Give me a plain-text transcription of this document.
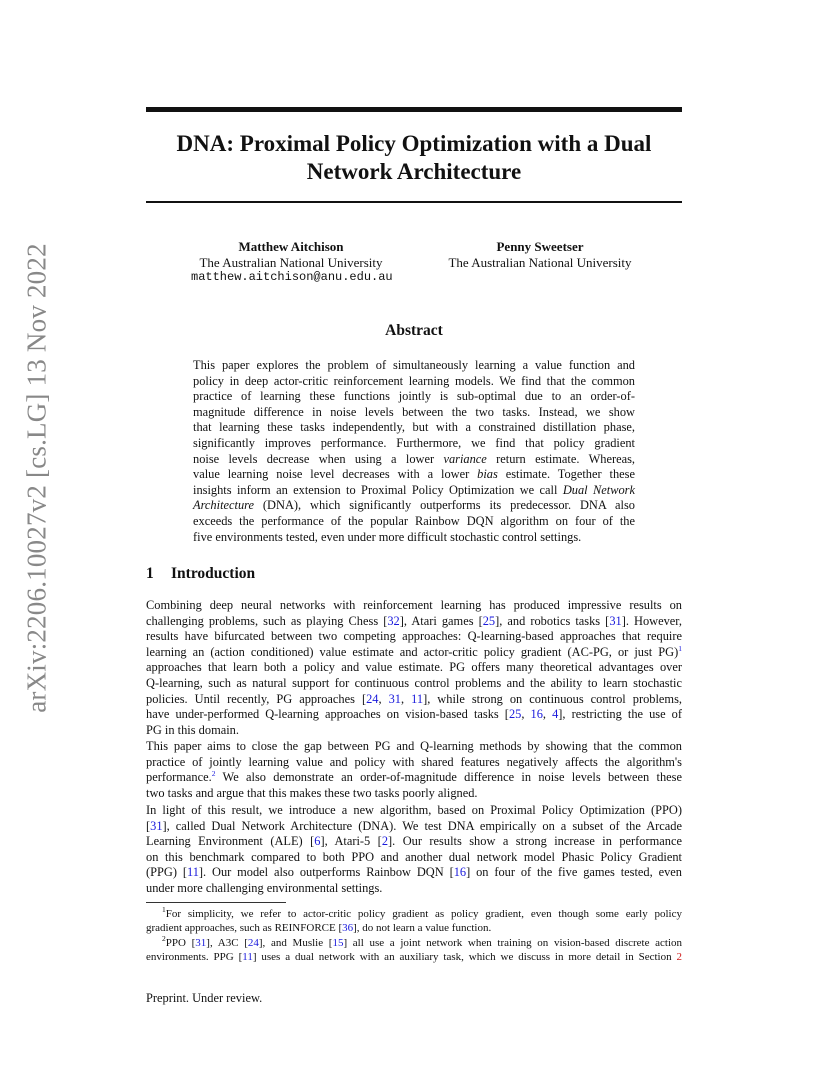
arXiv:2206.10027v2 [cs.LG] 13 Nov 2022
DNA: Proximal Policy Optimization with a Dual
Network Architecture
Matthew Aitchison
The Australian National University
matthew.aitchison@anu.edu.au
Penny Sweetser
The Australian National University
Abstract
This paper explores the problem of simultaneously learning a value function and
policy in deep actor-critic reinforcement learning models. We find that the common
practice of learning these functions jointly is sub-optimal due to an order-of-
magnitude difference in noise levels between the two tasks. Instead, we show
that learning these tasks independently, but with a constrained distillation phase,
significantly improves performance. Furthermore, we find that policy gradient
noise levels decrease when using a lower variance return estimate. Whereas,
value learning noise level decreases with a lower bias estimate. Together these
insights inform an extension to Proximal Policy Optimization we call Dual Network
Architecture (DNA), which significantly outperforms its predecessor. DNA also
exceeds the performance of the popular Rainbow DQN algorithm on four of the
five environments tested, even under more difficult stochastic control settings.
1 Introduction
Combining deep neural networks with reinforcement learning has produced impressive results on
challenging problems, such as playing Chess [32], Atari games [25], and robotics tasks [31]. However,
results have bifurcated between two competing approaches: Q-learning-based approaches that require
learning an (action conditioned) value estimate and actor-critic policy gradient (AC-PG, or just PG)$^1$
approaches that learn both a policy and value estimate. PG offers many theoretical advantages over
Q-learning, such as natural support for continuous control problems and the ability to learn stochastic
policies. Until recently, PG approaches [24, 31, 11], while strong on continuous control problems,
have under-performed Q-learning approaches on vision-based tasks [25, 16, 4], restricting the use of
PG in this domain.
This paper aims to close the gap between PG and Q-learning methods by showing that the common
practice of jointly learning value and policy with shared features negatively affects the algorithm's
performance.$^2$ We also demonstrate an order-of-magnitude difference in noise levels between these
two tasks and argue that this makes these two tasks poorly aligned.
In light of this result, we introduce a new algorithm, based on Proximal Policy Optimization (PPO)
[31], called Dual Network Architecture (DNA). We test DNA empirically on a subset of the Arcade
Learning Environment (ALE) [6], Atari-5 [2]. Our results show a strong increase in performance
on this benchmark compared to both PPO and another dual network model Phasic Policy Gradient
(PPG) [11]. Our model also outperforms Rainbow DQN [16] on four of the five games tested, even
under more challenging environmental settings.
$^1$For simplicity, we refer to actor-critic policy gradient as policy gradient, even though some early policy
gradient approaches, such as REINFORCE [36], do not learn a value function.
$^2$PPO [31], A3C [24], and Muslie [15] all use a joint network when training on vision-based discrete action
environments. PPG [11] uses a dual network with an auxiliary task, which we discuss in more detail in Section 2
Preprint. Under review.
